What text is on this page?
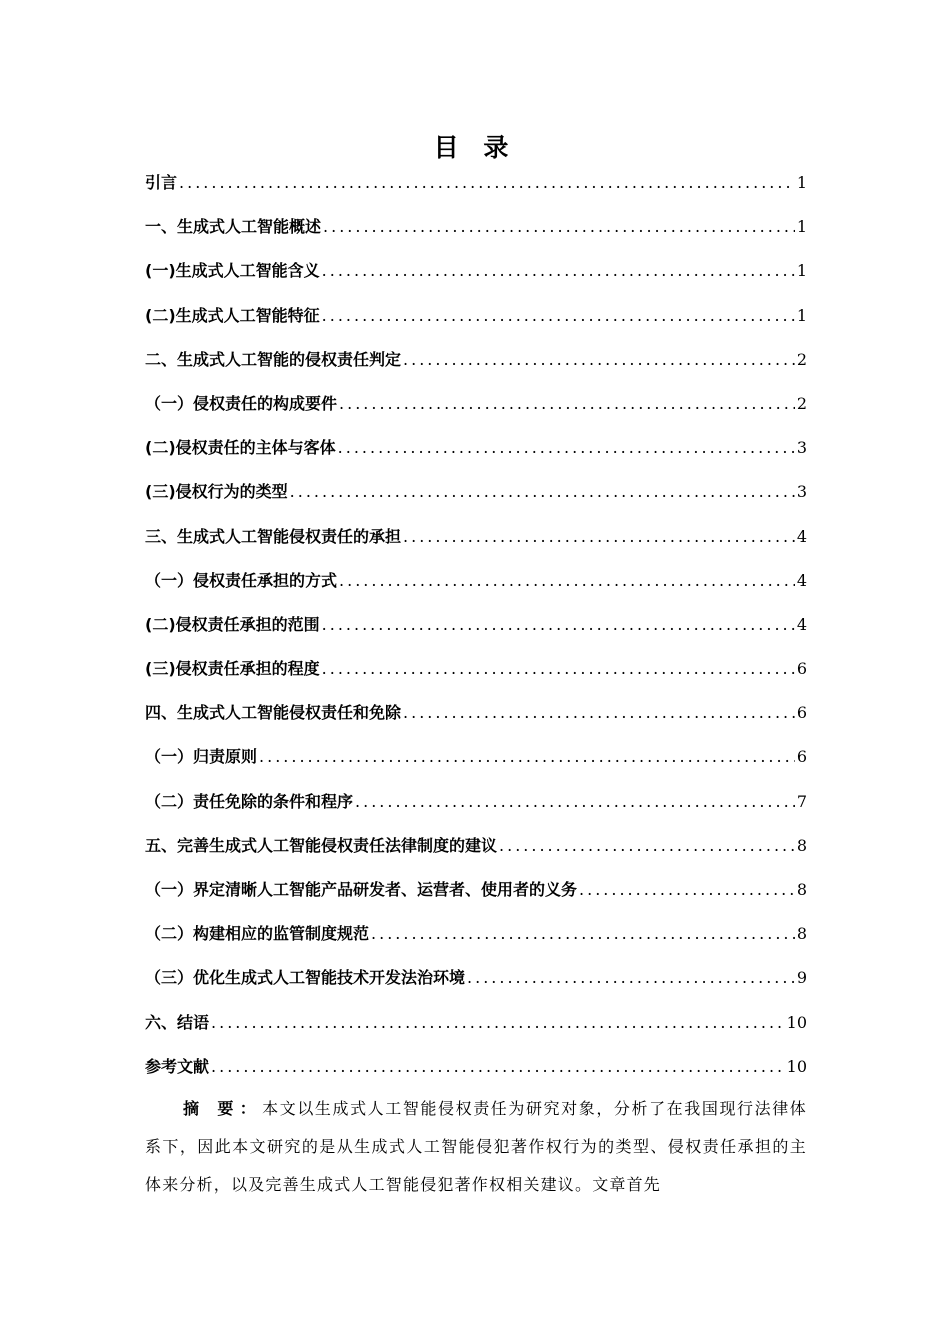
目 录
引言 .....	1
一、生成式人工智能概述 .....	1
(一)生成式人工智能含义 .....	1
(二)生成式人工智能特征 .....	1
二、生成式人工智能的侵权责任判定 .....	2
（一）侵权责任的构成要件 .....	2
(二)侵权责任的主体与客体 .....	3
(三)侵权行为的类型 .....	3
三、生成式人工智能侵权责任的承担 .....	4
（一）侵权责任承担的方式 .....	4
(二)侵权责任承担的范围 .....	4
(三)侵权责任承担的程度 .....	6
四、生成式人工智能侵权责任和免除 .....	6
（一）归责原则 .....	6
（二）责任免除的条件和程序 .....	7
五、完善生成式人工智能侵权责任法律制度的建议 .....	8
（一）界定清晰人工智能产品研发者、运营者、使用者的义务 .....	8
（二）构建相应的监管制度规范 .....	8
（三）优化生成式人工智能技术开发法治环境 .....	9
六、结语 .....	10
参考文献 .....	10
摘 要：本文以生成式人工智能侵权责任为研究对象，分析了在我国现行法律体系下，因此本文研究的是从生成式人工智能侵犯著作权行为的类型、侵权责任承担的主体来分析，以及完善生成式人工智能侵犯著作权相关建议。文章首先
